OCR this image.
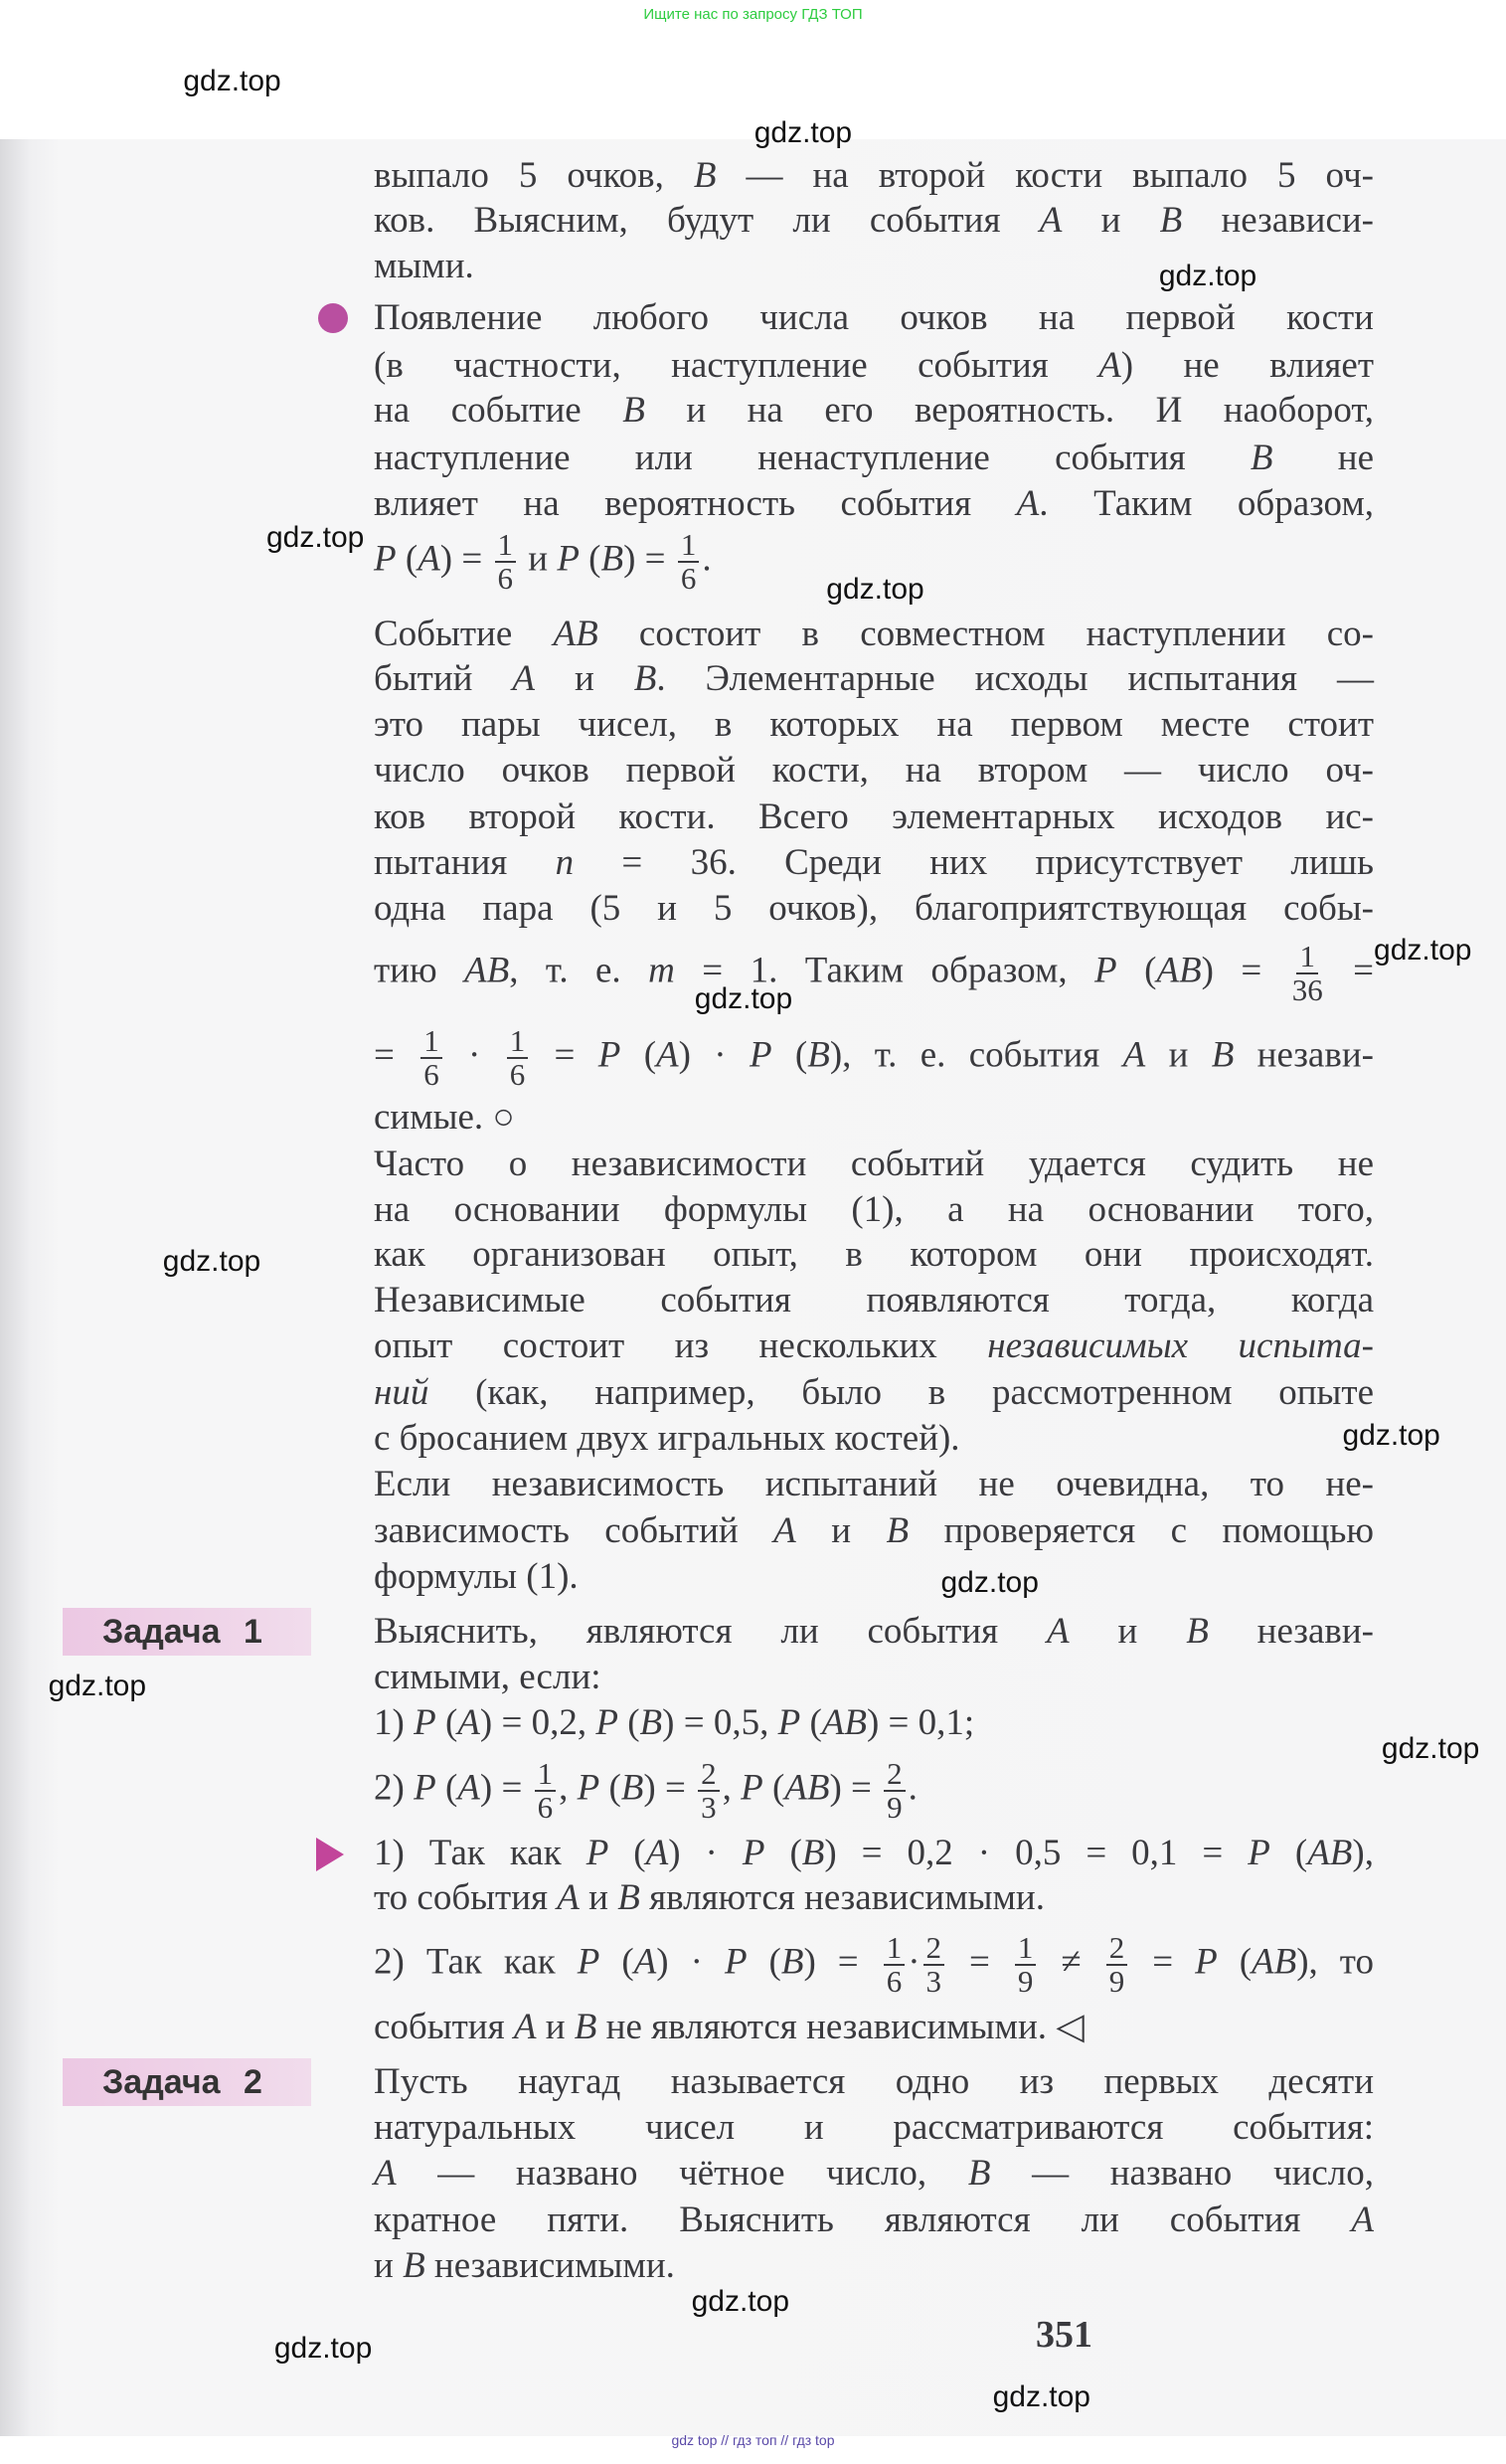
Ищите нас по запросу ГДЗ ТОП
Задача 1
Задача 2
выпало 5 очков, B — на второй кости выпало 5 оч-
ков. Выясним, будут ли события A и B независи-
мыми.
Появление любого числа очков на первой кости
(в частности, наступление события A) не влияет
на событие B и на его вероятность. И наоборот,
наступление или ненаступление события B не
влияет на вероятность события A. Таким образом,
P $(A) = \frac{1}{6}$ и P $(B) = \frac{1}{6}$ .
Событие AB состоит в совместном наступлении со-
бытий A и B. Элементарные исходы испытания —
это пары чисел, в которых на первом месте стоит
число очков первой кости, на втором — число оч-
ков второй кости. Всего элементарных исходов ис-
пытания n = 36. Среди них присутствует лишь
одна пара (5 и 5 очков), благоприятствующая собы-
тию AB, т. е. m = 1. Таким образом, P $(AB) = \frac{1}{36}$ =
= $\frac{1}{6} \cdot \frac{1}{6} = P$ (A) · P (B), т. е. события A и B незави-
симые. ○
Часто о независимости событий удается судить не
на основании формулы (1), а на основании того,
как организован опыт, в котором они происходят.
Независимые события появляются тогда, когда
опыт состоит из нескольких независимых испыта-
ний (как, например, было в рассмотренном опыте
с бросанием двух игральных костей).
Если независимость испытаний не очевидна, то не-
зависимость событий A и B проверяется с помощью
формулы (1).
Выяснить, являются ли события A и B незави-
симыми, если:
1) P (A) = 0,2, P (B) = 0,5, P (AB) = 0,1;
2) P $(A) = \frac{1}{6}$ , P $(B) = \frac{2}{3}$ , P $(AB) = \frac{2}{9}$ .
1) Так как P (A) · P (B) = 0,2 · 0,5 = 0,1 = P (AB),
то события A и B являются независимыми.
2) Так как P (A) · P $(B) = \frac{1}{6} \cdot \frac{2}{3} = \frac{1}{9} \ne \frac{2}{9} = P$ (AB), то
события A и B не являются независимыми. ◁
Пусть наугад называется одно из первых десяти
натуральных чисел и рассматриваются события:
A — названо чётное число, B — названо число,
кратное пяти. Выяснить являются ли события A
и B независимыми.
gdz.top
gdz.top
gdz.top
gdz.top
gdz.top
gdz.top
gdz.top
gdz.top
gdz.top
gdz.top
gdz.top
gdz.top
gdz.top
gdz.top
gdz.top
351
gdz top // гдз топ // гдз top
